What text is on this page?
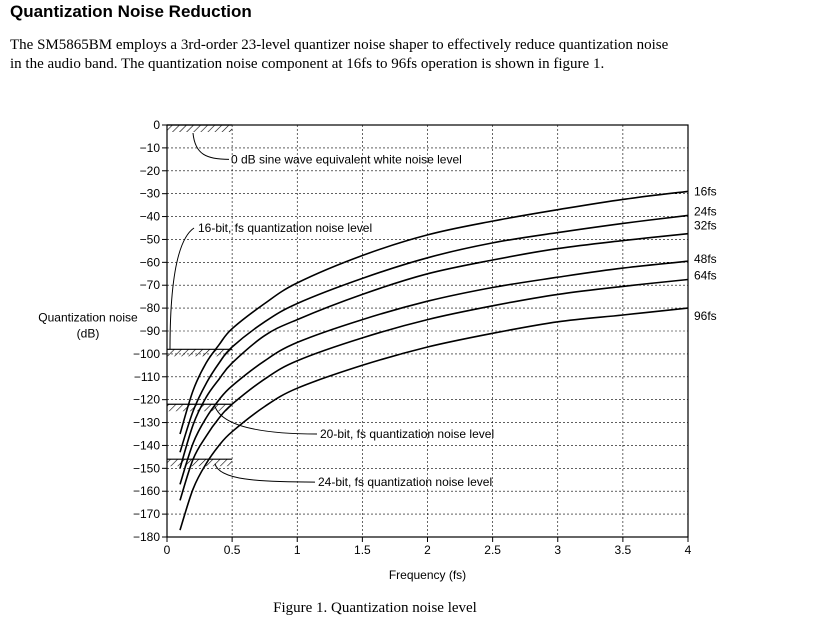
Quantization Noise Reduction

The SM5865BM employs a 3rd-order 23-level quantizer noise shaper to effectively reduce quantization noise
in the audio band. The quantization noise component at 16fs to 96fs operation is shown in figure 1.

0
−10
−20
−30
−40
−50
−60
−70
−80
−90
−100
−110
−120
−130
−140
−150
−160
−170
−180
0	0.5	1	1.5	2	2.5	3	3.5	4
16fs
24fs
32fs
48fs
64fs
96fs
0 dB sine wave equivalent white noise level
16-bit, fs quantization noise level
20-bit, fs quantization noise level
24-bit, fs quantization noise level
Frequency (fs)
Quantization noise
(dB)
Figure 1. Quantization noise level
